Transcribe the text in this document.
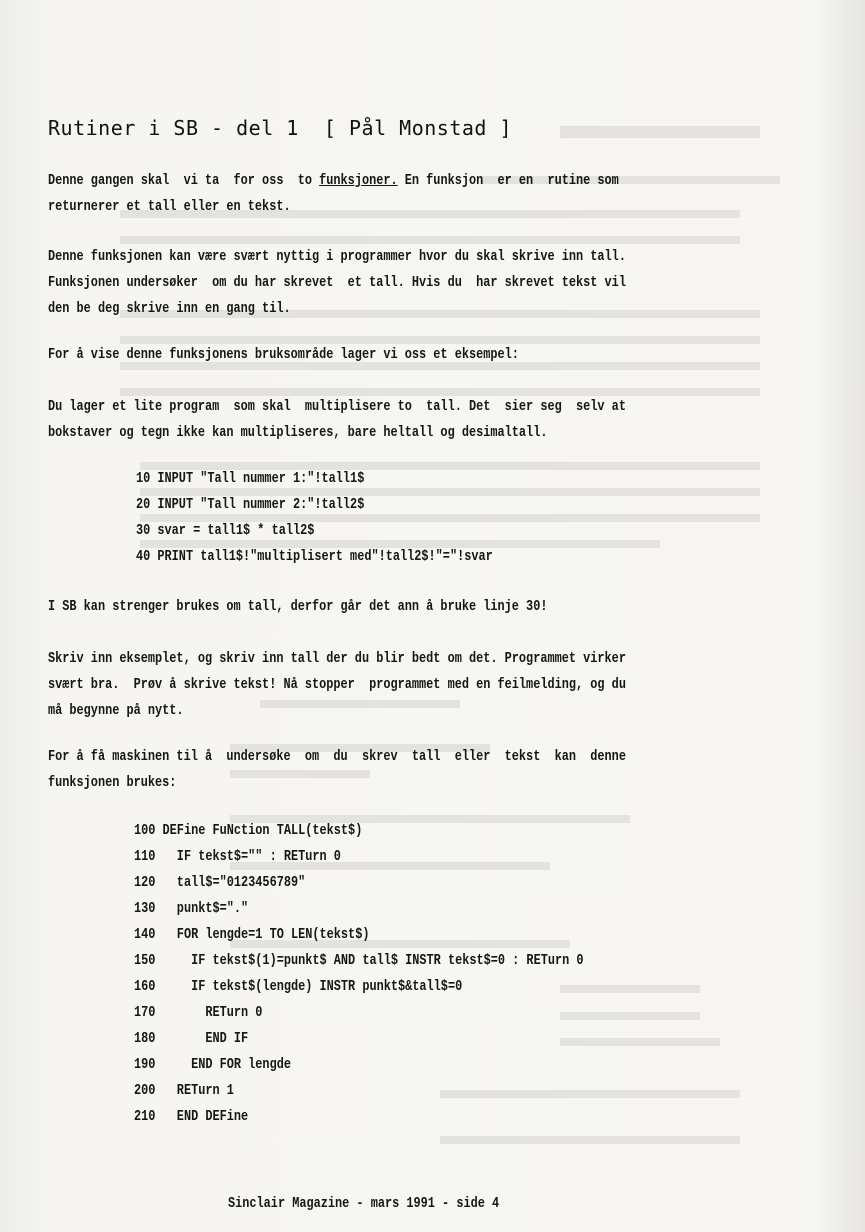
Rutiner i SB - del 1  [ Pål Monstad ]
Denne gangen skal  vi ta  for oss  to funksjoner. En funksjon  er en  rutine som
returnerer et tall eller en tekst.
Denne funksjonen kan være svært nyttig i programmer hvor du skal skrive inn tall.
Funksjonen undersøker  om du har skrevet  et tall. Hvis du  har skrevet tekst vil
den be deg skrive inn en gang til.
For å vise denne funksjonens bruksområde lager vi oss et eksempel:
Du lager et lite program  som skal  multiplisere to  tall. Det  sier seg  selv at
bokstaver og tegn ikke kan multipliseres, bare heltall og desimaltall.
10 INPUT "Tall nummer 1:"!tall1$
20 INPUT "Tall nummer 2:"!tall2$
30 svar = tall1$ * tall2$
40 PRINT tall1$!"multiplisert med"!tall2$!"="!svar
I SB kan strenger brukes om tall, derfor går det ann å bruke linje 30!
Skriv inn eksemplet, og skriv inn tall der du blir bedt om det. Programmet virker
svært bra.  Prøv å skrive tekst! Nå stopper  programmet med en feilmelding, og du
må begynne på nytt.
For å få maskinen til å  undersøke  om  du  skrev  tall  eller  tekst  kan  denne
funksjonen brukes:
100 DEFine FuNction TALL(tekst$)
110   IF tekst$="" : RETurn 0
120   tall$="0123456789"
130   punkt$="."
140   FOR lengde=1 TO LEN(tekst$)
150     IF tekst$(1)=punkt$ AND tall$ INSTR tekst$=0 : RETurn 0
160     IF tekst$(lengde) INSTR punkt$&tall$=0
170       RETurn 0
180       END IF
190     END FOR lengde
200   RETurn 1
210   END DEFine
Sinclair Magazine - mars 1991 - side 4
